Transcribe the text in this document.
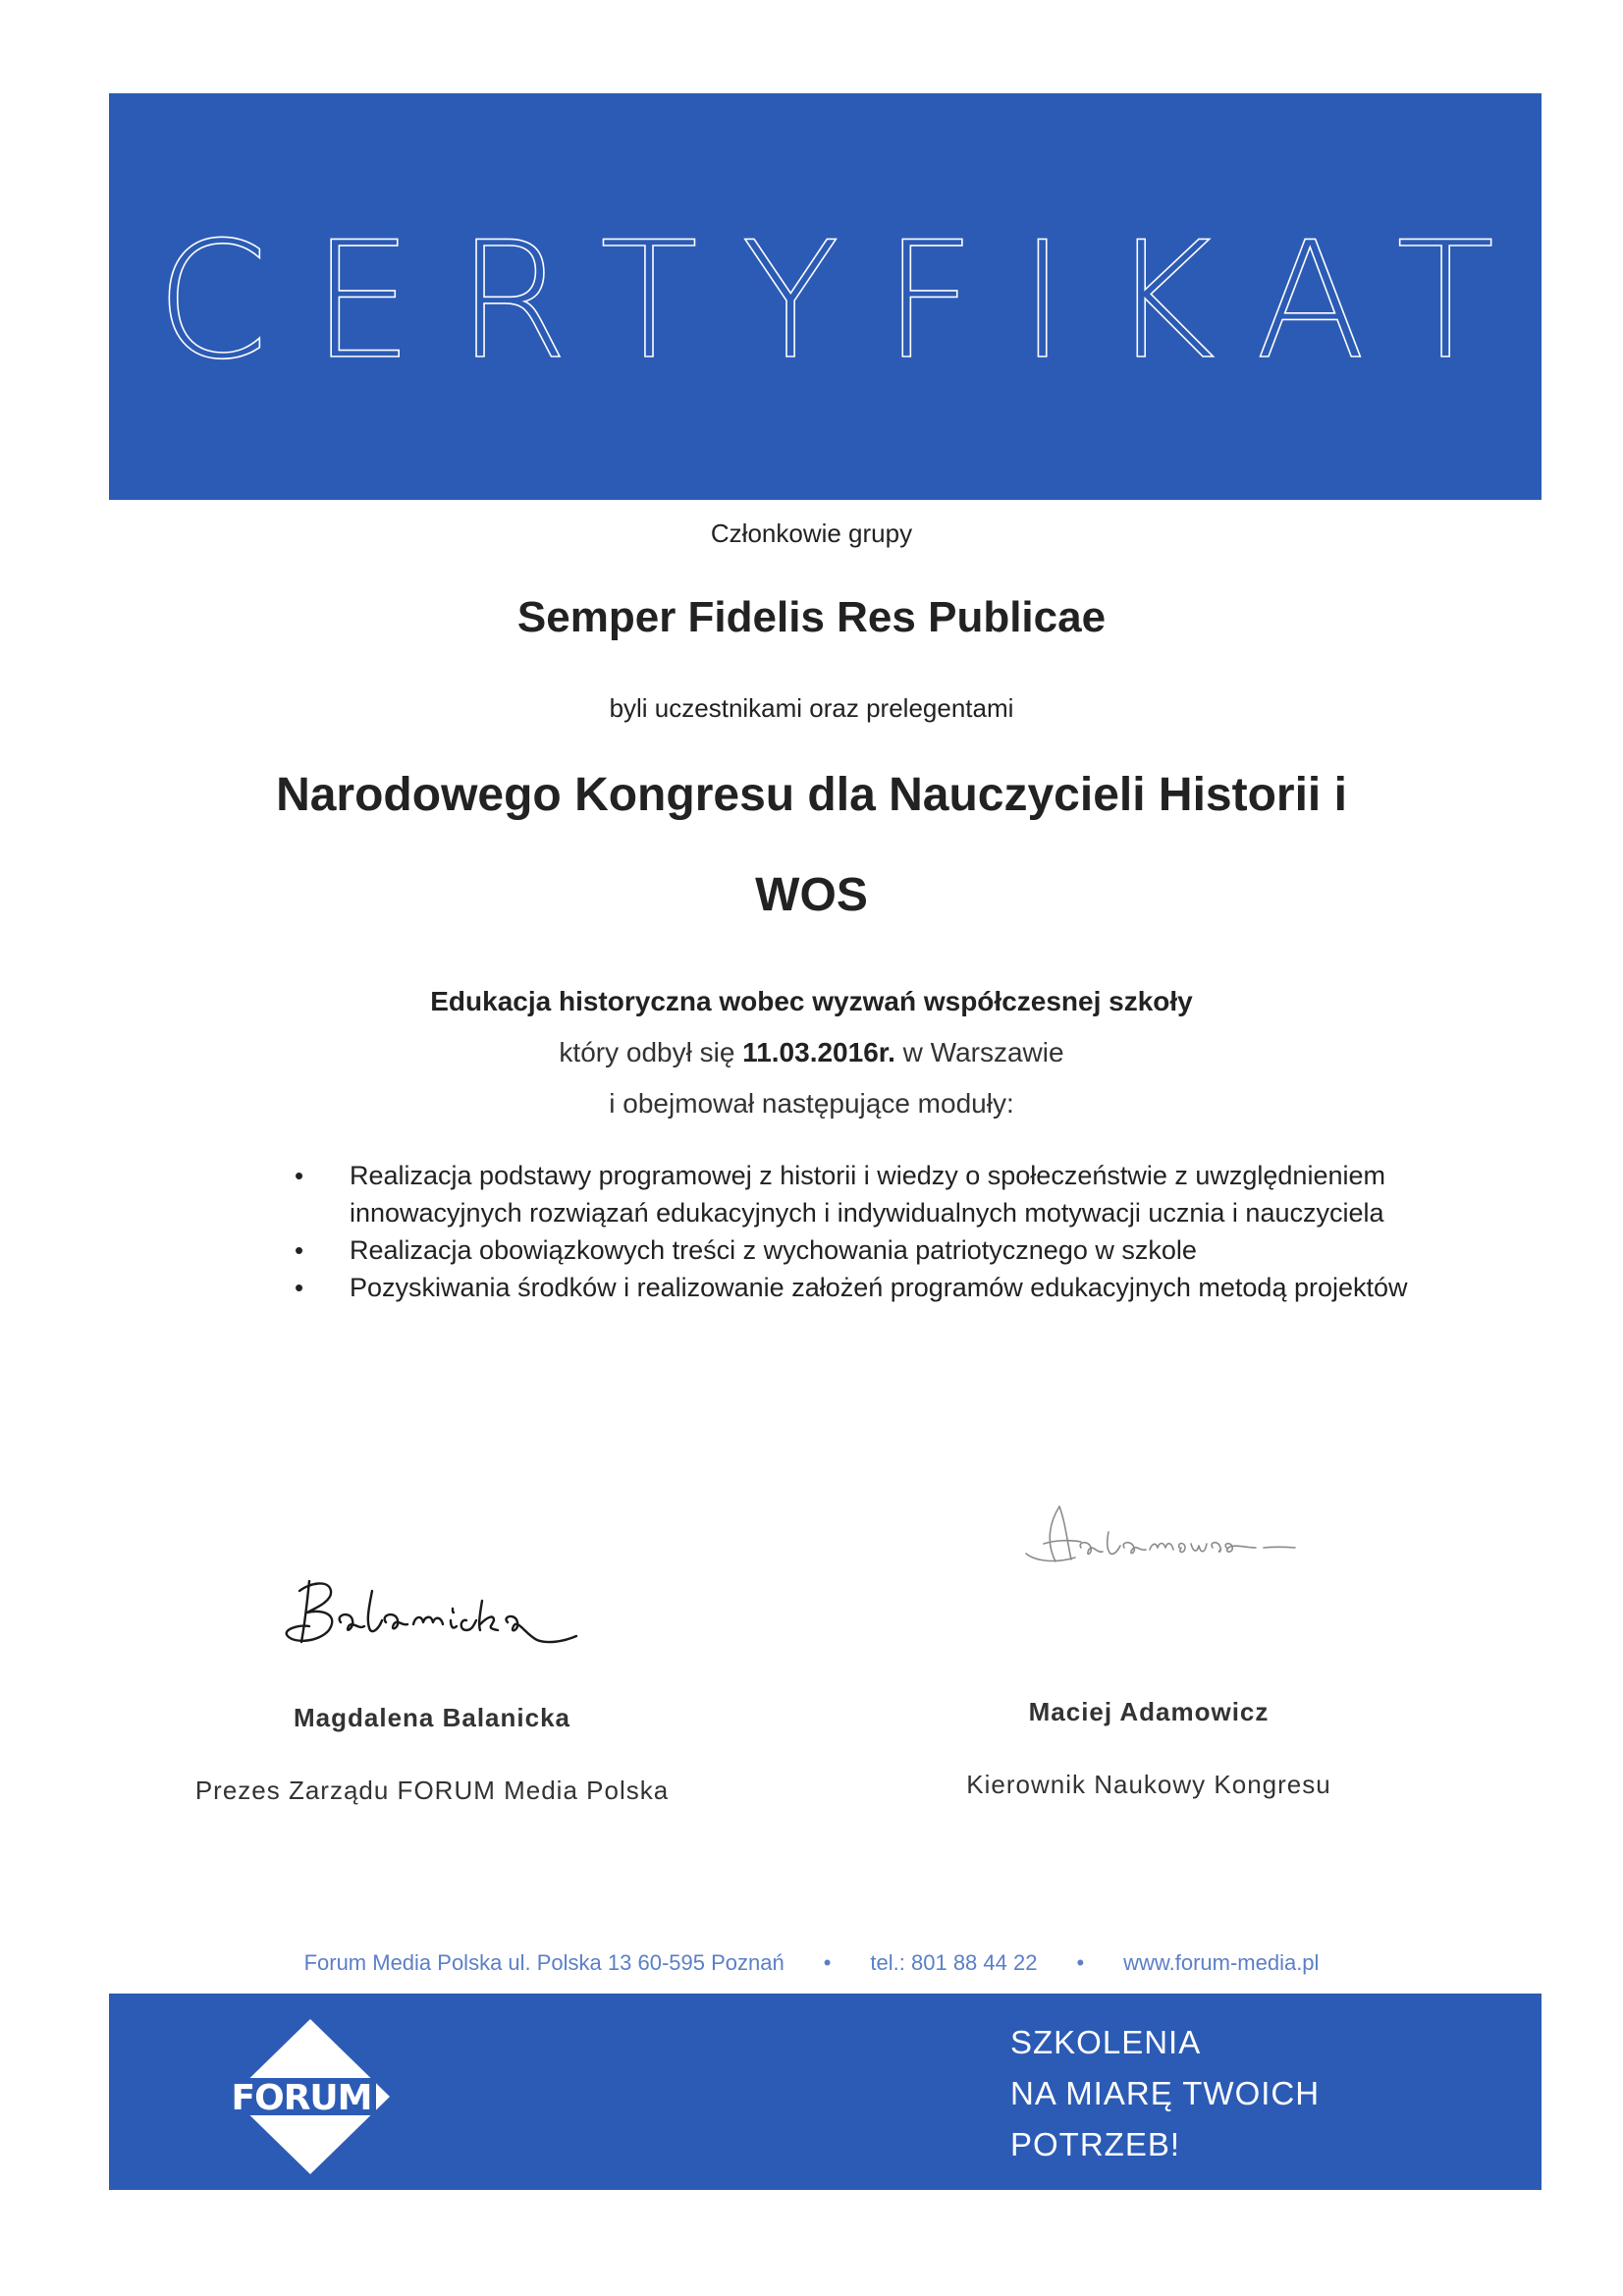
CERTYFIKAT
Członkowie grupy
Semper Fidelis Res Publicae
byli uczestnikami oraz prelegentami
Narodowego Kongresu dla Nauczycieli Historii i
WOS
Edukacja historyczna wobec wyzwań współczesnej szkoły
który odbył się 11.03.2016r. w Warszawie
i obejmował następujące moduły:
• Realizacja podstawy programowej z historii i wiedzy o społeczeństwie z uwzględnieniem innowacyjnych rozwiązań edukacyjnych i indywidualnych motywacji ucznia i nauczyciela
• Realizacja obowiązkowych treści z wychowania patriotycznego w szkole
• Pozyskiwania środków i realizowanie założeń programów edukacyjnych metodą projektów
Magdalena Balanicka
Prezes Zarządu FORUM Media Polska
Maciej Adamowicz
Kierownik Naukowy Kongresu
Forum Media Polska ul. Polska 13 60-595 Poznań • tel.: 801 88 44 22 • www.forum-media.pl
FORUM
SZKOLENIA
NA MIARĘ TWOICH
POTRZEB!
